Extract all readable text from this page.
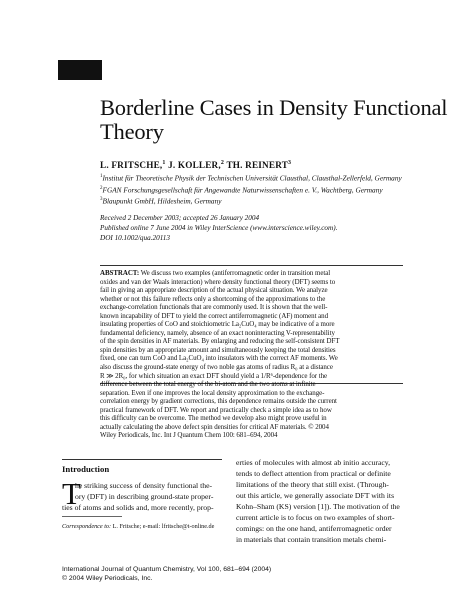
Borderline Cases in Density Functional
Theory
L. FRITSCHE,$^1$ J. KOLLER,$^2$ TH. REINERT$^3$
$^1$Institut für Theoretische Physik der Technischen Universität Clausthal, Clausthal-Zellerfeld, Germany
$^2$FGAN Forschungsgesellschaft für Angewandte Naturwissenschaften e. V., Wachtberg, Germany
$^3$Blaupunkt GmbH, Hildesheim, Germany
Received 2 December 2003; accepted 26 January 2004
Published online 7 June 2004 in Wiley InterScience (www.interscience.wiley.com).
DOI 10.1002/qua.20113
ABSTRACT: We discuss two examples (antiferromagnetic order in transition metal
oxides and van der Waals interaction) where density functional theory (DFT) seems to
fail in giving an appropriate description of the actual physical situation. We analyze
whether or not this failure reflects only a shortcoming of the approximations to the
exchange-correlation functionals that are commonly used. It is shown that the well-
known incapability of DFT to yield the correct antiferromagnetic (AF) moment and
insulating properties of CoO and stoichiometric La₂CuO₄ may be indicative of a more
fundamental deficiency, namely, absence of an exact noninteracting V-representability
of the spin densities in AF materials. By enlarging and reducing the self-consistent DFT
spin densities by an appropriate amount and simultaneously keeping the total densities
fixed, one can turn CoO and La₂CuO₄ into insulators with the correct AF moments. We
also discuss the ground-state energy of two noble gas atoms of radius R₀ at a distance
R ≫ 2R₀, for which situation an exact DFT should yield a 1/R⁶-dependence for the
difference between the total energy of the bi-atom and the two atoms at infinite
separation. Even if one improves the local density approximation to the exchange-
correlation energy by gradient corrections, this dependence remains outside the current
practical framework of DFT. We report and practically check a simple idea as to how
this difficulty can be overcome. The method we develop also might prove useful in
actually calculating the above defect spin densities for critical AF materials. © 2004
Wiley Periodicals, Inc. Int J Quantum Chem 100: 681–694, 2004
Introduction
T
he striking success of density functional the-
ory (DFT) in describing ground-state proper-
ties of atoms and solids and, more recently, prop-
Correspondence to: L. Fritsche; e-mail: lfritsche@t-online.de
erties of molecules with almost ab initio accuracy,
tends to deflect attention from practical or definite
limitations of the theory that still exist. (Through-
out this article, we generally associate DFT with its
Kohn–Sham (KS) version [1]). The motivation of the
current article is to focus on two examples of short-
comings: on the one hand, antiferromagnetic order
in materials that contain transition metals chemi-
International Journal of Quantum Chemistry, Vol 100, 681–694 (2004)
© 2004 Wiley Periodicals, Inc.
